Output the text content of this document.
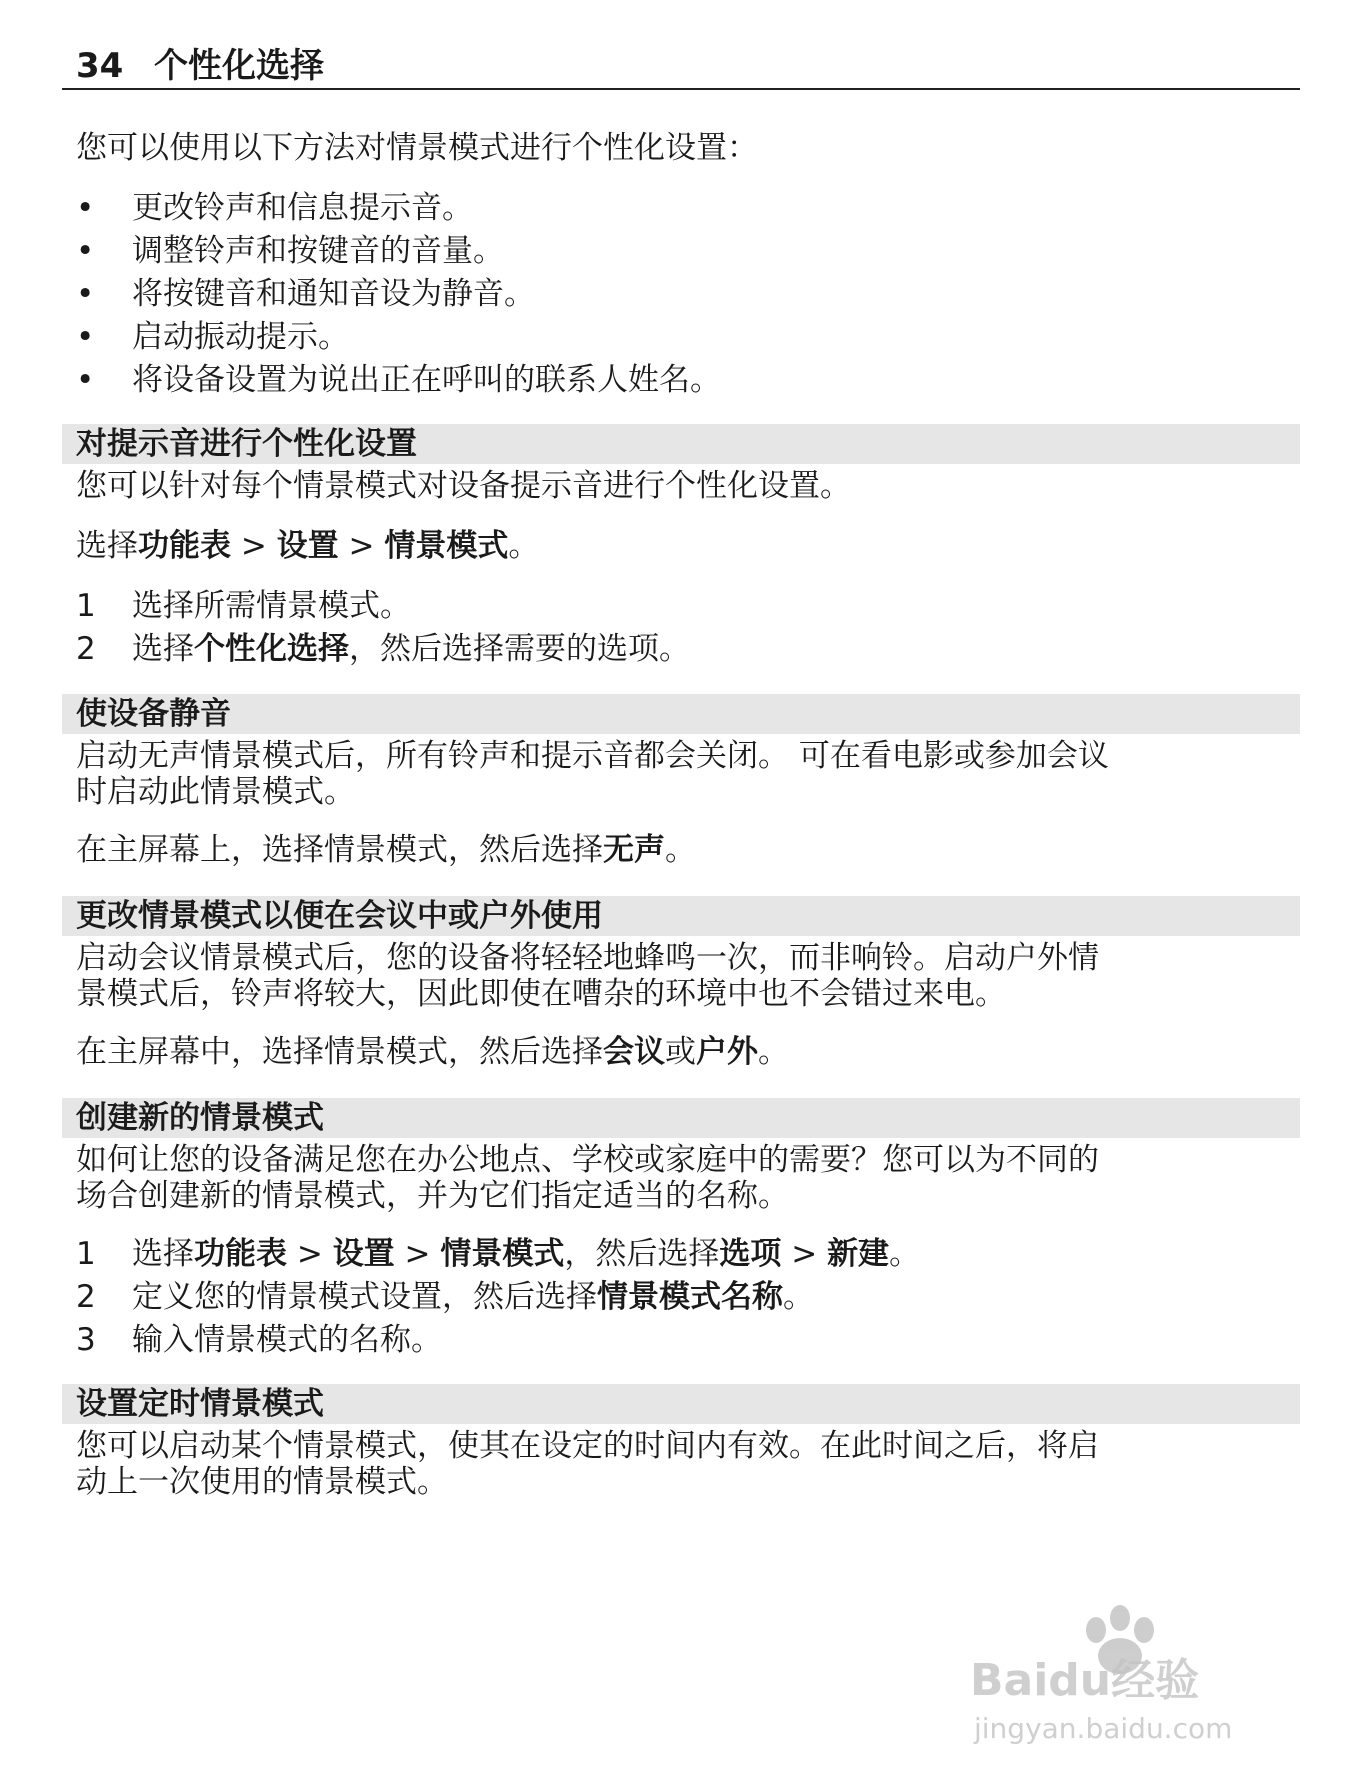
34 个性化选择
您可以使用以下方法对情景模式进行个性化设置：
•	更改铃声和信息提示音。
•	调整铃声和按键音的音量。
•	将按键音和通知音设为静音。
•	启动振动提示。
•	将设备设置为说出正在呼叫的联系人姓名。
对提示音进行个性化设置
您可以针对每个情景模式对设备提示音进行个性化设置。
选择功能表 > 设置 > 情景模式。
1	选择所需情景模式。
2	选择个性化选择，然后选择需要的选项。
使设备静音
启动无声情景模式后，所有铃声和提示音都会关闭。 可在看电影或参加会议
时启动此情景模式。
在主屏幕上，选择情景模式，然后选择无声。
更改情景模式以便在会议中或户外使用
启动会议情景模式后，您的设备将轻轻地蜂鸣一次，而非响铃。启动户外情
景模式后，铃声将较大，因此即使在嘈杂的环境中也不会错过来电。
在主屏幕中，选择情景模式，然后选择会议或户外。
创建新的情景模式
如何让您的设备满足您在办公地点、学校或家庭中的需要？您可以为不同的
场合创建新的情景模式，并为它们指定适当的名称。
1	选择功能表 > 设置 > 情景模式，然后选择选项 > 新建。
2	定义您的情景模式设置，然后选择情景模式名称。
3	输入情景模式的名称。
设置定时情景模式
您可以启动某个情景模式，使其在设定的时间内有效。在此时间之后，将启
动上一次使用的情景模式。
Baidu经验
jingyan.baidu.com
